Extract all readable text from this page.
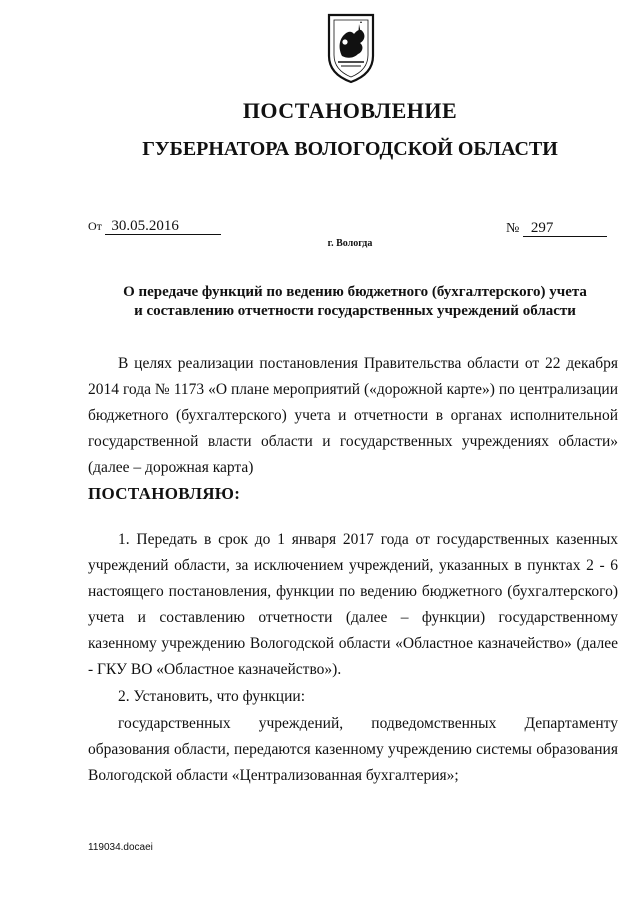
ПОСТАНОВЛЕНИЕ
ГУБЕРНАТОРА ВОЛОГОДСКОЙ ОБЛАСТИ
От 30.05.2016	№ 297
г. Вологда
О передаче функций по ведению бюджетного (бухгалтерского) учета
и составлению отчетности государственных учреждений области

В целях реализации постановления Правительства области от 22 декабря 2014 года № 1173 «О плане мероприятий («дорожной карте») по централизации бюджетного (бухгалтерского) учета и отчетности в органах исполнительной государственной власти области и государственных учреждениях области» (далее – дорожная карта)

ПОСТАНОВЛЯЮ:

1. Передать в срок до 1 января 2017 года от государственных казенных учреждений области, за исключением учреждений, указанных в пунктах 2 - 6 настоящего постановления, функции по ведению бюджетного (бухгалтерского) учета и составлению отчетности (далее – функции) государственному казенному учреждению Вологодской области «Областное казначейство» (далее - ГКУ ВО «Областное казначейство»).

2. Установить, что функции:

государственных учреждений, подведомственных Департаменту образования области, передаются казенному учреждению системы образования Вологодской области «Централизованная бухгалтерия»;

119034.docaei
